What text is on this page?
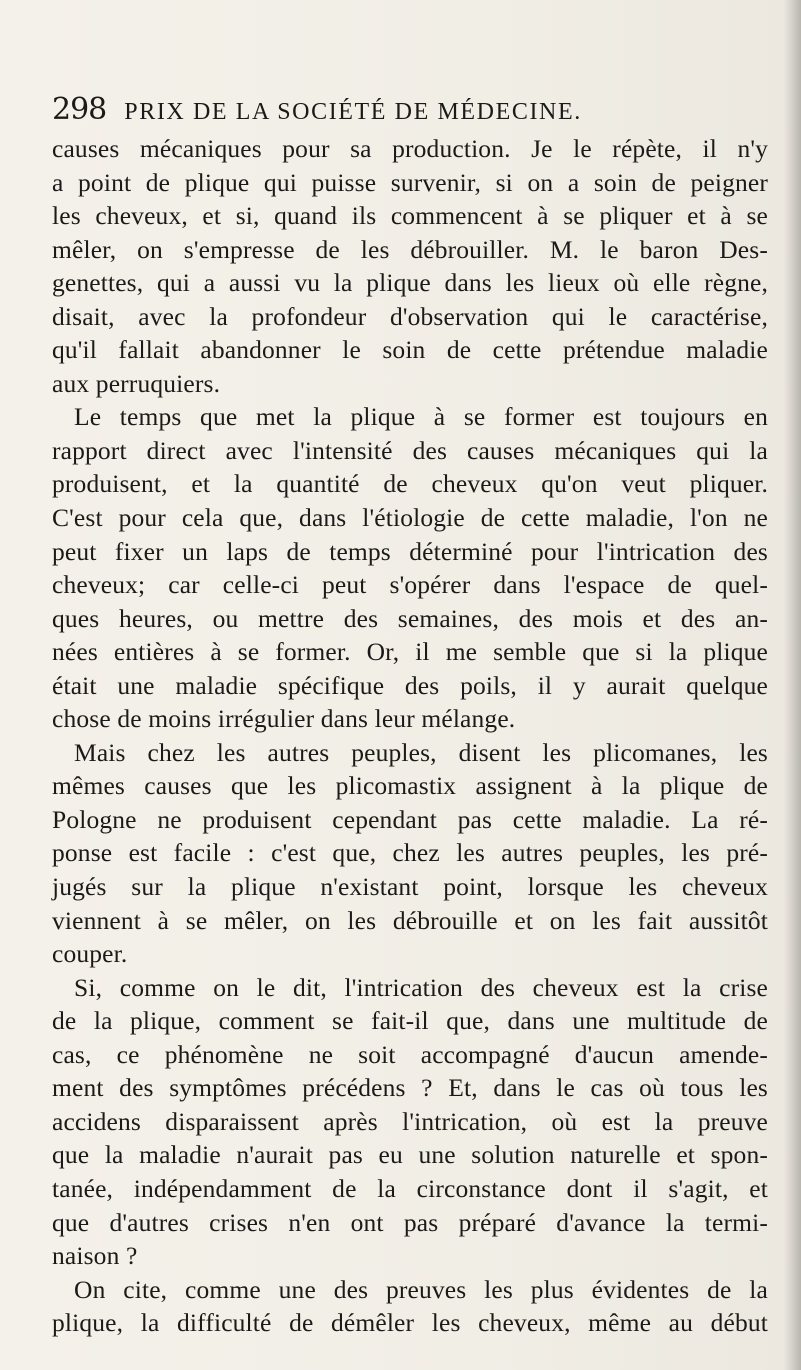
298 PRIX DE LA SOCIÉTÉ DE MÉDECINE.
causes mécaniques pour sa production. Je le répète, il n'y
a point de plique qui puisse survenir, si on a soin de peigner
les cheveux, et si, quand ils commencent à se pliquer et à se
mêler, on s'empresse de les débrouiller. M. le baron Des-
genettes, qui a aussi vu la plique dans les lieux où elle règne,
disait, avec la profondeur d'observation qui le caractérise,
qu'il fallait abandonner le soin de cette prétendue maladie
aux perruquiers.
Le temps que met la plique à se former est toujours en
rapport direct avec l'intensité des causes mécaniques qui la
produisent, et la quantité de cheveux qu'on veut pliquer.
C'est pour cela que, dans l'étiologie de cette maladie, l'on ne
peut fixer un laps de temps déterminé pour l'intrication des
cheveux; car celle-ci peut s'opérer dans l'espace de quel-
ques heures, ou mettre des semaines, des mois et des an-
nées entières à se former. Or, il me semble que si la plique
était une maladie spécifique des poils, il y aurait quelque
chose de moins irrégulier dans leur mélange.
Mais chez les autres peuples, disent les plicomanes, les
mêmes causes que les plicomastix assignent à la plique de
Pologne ne produisent cependant pas cette maladie. La ré-
ponse est facile : c'est que, chez les autres peuples, les pré-
jugés sur la plique n'existant point, lorsque les cheveux
viennent à se mêler, on les débrouille et on les fait aussitôt
couper.
Si, comme on le dit, l'intrication des cheveux est la crise
de la plique, comment se fait-il que, dans une multitude de
cas, ce phénomène ne soit accompagné d'aucun amende-
ment des symptômes précédens ? Et, dans le cas où tous les
accidens disparaissent après l'intrication, où est la preuve
que la maladie n'aurait pas eu une solution naturelle et spon-
tanée, indépendamment de la circonstance dont il s'agit, et
que d'autres crises n'en ont pas préparé d'avance la termi-
naison ?
On cite, comme une des preuves les plus évidentes de la
plique, la difficulté de démêler les cheveux, même au début
